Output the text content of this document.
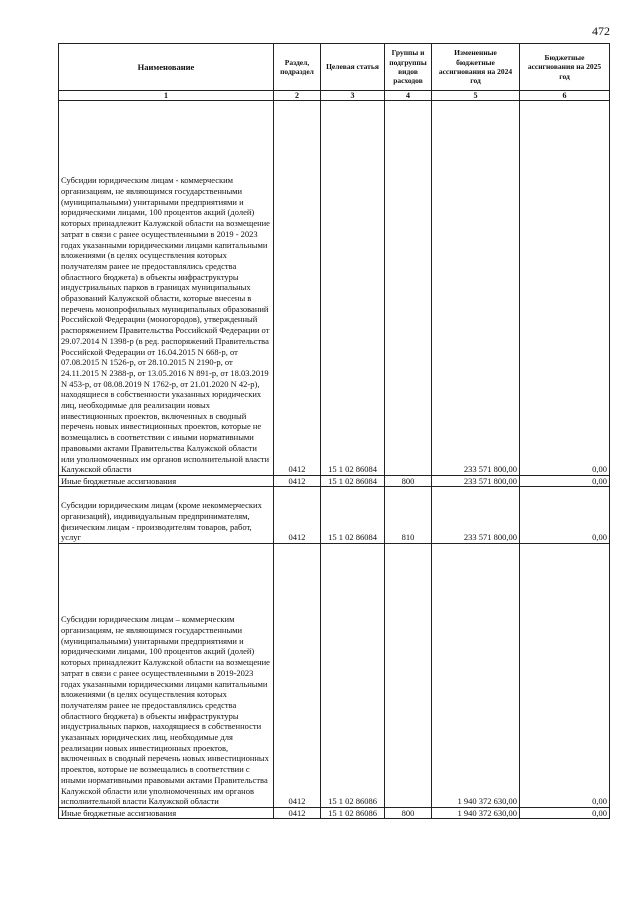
472
Наименование	Раздел, подраздел	Целевая статья	Группы и подгруппы видов расходов	Измененные бюджетные ассигнования на 2024 год	Бюджетные ассигнования на 2025 год
1	2	3	4	5	6
Субсидии юридическим лицам - коммерческим организациям, не являющимся государственными (муниципальными) унитарными предприятиями и юридическими лицами, 100 процентов акций (долей) которых принадлежит Калужской области на возмещение затрат в связи с ранее осуществленными в 2019 - 2023 годах указанными юридическими лицами капитальными вложениями (в целях осуществления которых получателям ранее не предоставлялись средства областного бюджета) в объекты инфраструктуры индустриальных парков в границах муниципальных образований Калужской области, которые внесены в перечень монопрофильных муниципальных образований Российской Федерации (моногородов), утвержденный распоряжением Правительства Российской Федерации от 29.07.2014 N 1398-р (в ред. распоряжений Правительства Российской Федерации от 16.04.2015 N 668-р, от 07.08.2015 N 1526-р, от 28.10.2015 N 2190-р, от 24.11.2015 N 2388-р, от 13.05.2016 N 891-р, от 18.03.2019 N 453-р, от 08.08.2019 N 1762-р, от 21.01.2020 N 42-р), находящиеся в собственности указанных юридических лиц, необходимые для реализации новых инвестиционных проектов, включенных в сводный перечень новых инвестиционных проектов, которые не возмещались в соответствии с иными нормативными правовыми актами Правительства Калужской области или уполномоченных им органов исполнительной власти Калужской области	0412	15 1 02 86084		233 571 800,00	0,00
Иные бюджетные ассигнования	0412	15 1 02 86084	800	233 571 800,00	0,00
Субсидии юридическим лицам (кроме некоммерческих организаций), индивидуальным предпринимателям, физическим лицам - производителям товаров, работ, услуг	0412	15 1 02 86084	810	233 571 800,00	0,00
Субсидии юридическим лицам – коммерческим организациям, не являющимся государственными (муниципальными) унитарными предприятиями и юридическими лицами, 100 процентов акций (долей) которых принадлежит Калужской области на возмещение затрат в связи с ранее осуществленными в 2019-2023 годах указанными юридическими лицами капитальными вложениями (в целях осуществления которых получателям ранее не предоставлялись средства областного бюджета) в объекты инфраструктуры индустриальных парков, находящиеся в собственности указанных юридических лиц, необходимые для реализации новых инвестиционных проектов, включенных в сводный перечень новых инвестиционных проектов, которые не возмещались в соответствии с иными нормативными правовыми актами Правительства Калужской области или уполномоченных им органов исполнительной власти Калужской области	0412	15 1 02 86086		1 940 372 630,00	0,00
Иные бюджетные ассигнования	0412	15 1 02 86086	800	1 940 372 630,00	0,00
